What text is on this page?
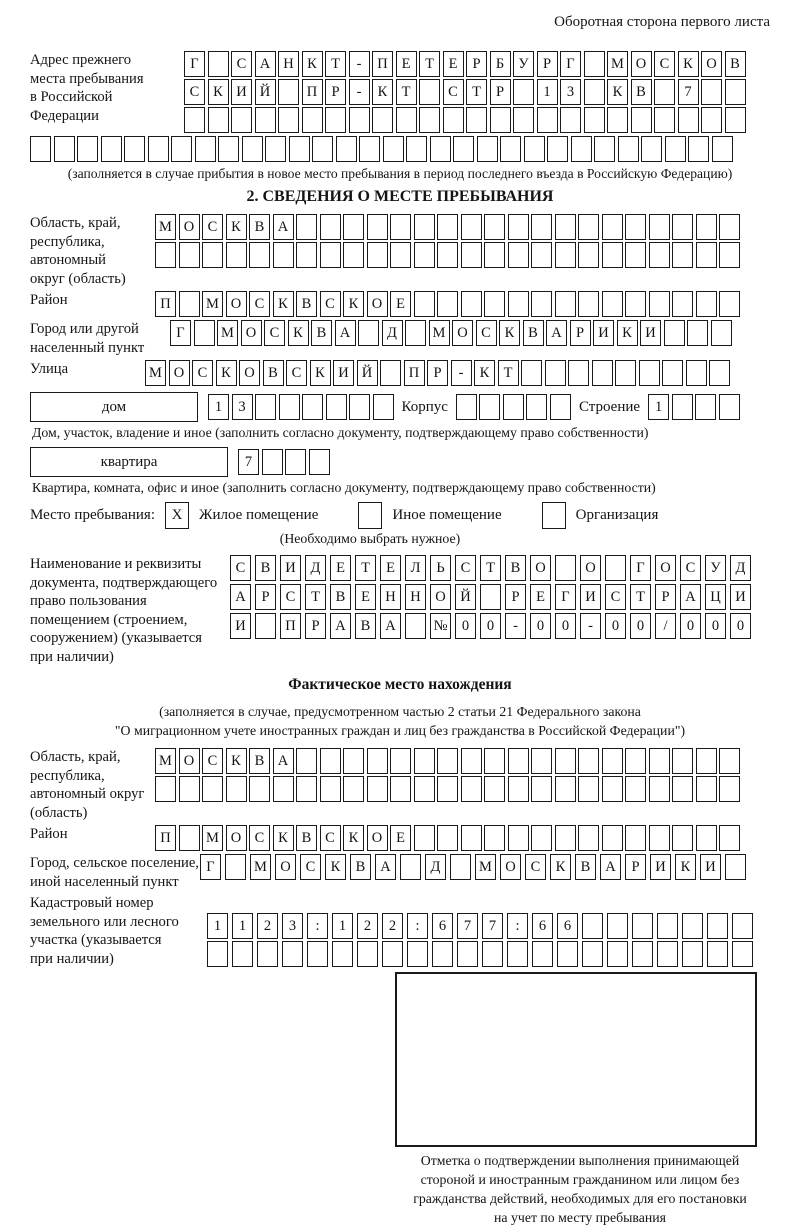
Оборотная сторона первого листа
Адрес прежнего
места пребывания
в Российской
Федерации
Г	С А Н К Т	-	П Е	Т	Е	Р	Б У Р	Г	М О С К О В
С К И Й	П Р	-	К Т	С Т	Р	1	3	К В	7
(заполняется в случае прибытия в новое место пребывания в период последнего въезда в Российскую Федерацию)
2. СВЕДЕНИЯ О МЕСТЕ ПРЕБЫВАНИЯ
Область, край,
республика,
автономный
округ (область)
М О С К В А
Район	П	М О С К В С К О Е
Город или другой
населенный пункт
Г	М О С К В А	Д	М О С К В А Р И К И
Улица	М О С К О В С К И Й	П Р	-	К Т
дом	1	3	Корпус	Строение	1
Дом, участок, владение и иное (заполнить согласно документу, подтверждающему право собственности)
квартира	7
Квартира, комната, офис и иное (заполнить согласно документу, подтверждающему право собственности)
Место пребывания:	X	Жилое помещение	Иное помещение	Организация
(Необходимо выбрать нужное)
Наименование и реквизиты
документа, подтверждающего
право пользования
помещением (строением,
сооружением) (указывается
при наличии)
С	В	И	Д	Е	Т	Е	Л	Ь	С	Т	В	О	О	Г	О	С	У	Д
А	Р	С	Т	В	Е	Н	Н	О	Й	Р	Е	Г	И	С	Т	Р	А	Ц	И
И	П	Р	А	В	А	№ 0	0	-	0	0	-	0	0	/	0	0	0
Фактическое место нахождения
(заполняется в случае, предусмотренном частью 2 статьи 21 Федерального закона
"О миграционном учете иностранных граждан и лиц без гражданства в Российской Федерации")
Область, край,
республика,
автономный округ
(область)
М О С К В А
Район	П	М О С К В С К О Е
Город, сельское поселение,
иной населенный пункт
Г	М О	С	К	В	А	Д	М О	С	К	В	А	Р	И	К	И
Кадастровый номер
земельного или лесного
участка (указывается
при наличии)
1	1	2	3	:	1	2	2	:	6	7	7	:	6	6
Отметка о подтверждении выполнения принимающей
стороной и иностранным гражданином или лицом без
гражданства действий, необходимых для его постановки
на учет по месту пребывания
